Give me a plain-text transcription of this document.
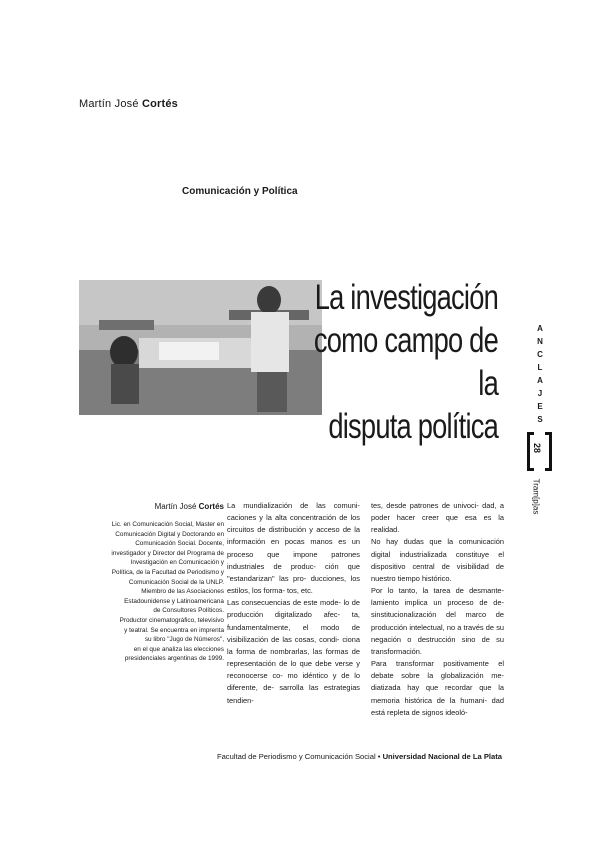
Martín José Cortés
Comunicación y Política
La investigación
como campo de la
disputa política
A
N
C
L
A
J
E
S
28
Tram[p]as
Martín José Cortés
Lic. en Comunicación Social, Master en
Comunicación Digital y Doctorando en
Comunicación Social. Docente,
investigador y Director del Programa de
Investigación en Comunicación y
Política, de la Facultad de Periodismo y
Comunicación Social de la UNLP.
Miembro de las Asociaciones
Estadounidense y Latinoamericana
de Consultores Políticos.
Productor cinematográfico, televisivo
y teatral. Se encuentra en imprenta
su libro "Jugo de Números",
en el que analiza las elecciones
presidenciales argentinas de 1999.

La mundialización de las comuni- caciones y la alta concentración de los circuitos de distribución y acceso de la información en pocas manos es un proceso que impone patrones industriales de produc- ción que "estandarizan" las pro- ducciones, los estilos, los forma- tos, etc.

Las consecuencias de este mode- lo de producción digitalizado afec- ta, fundamentalmente, el modo de visibilización de las cosas, condi- ciona la forma de nombrarlas, las formas de representación de lo que debe verse y reconocerse co- mo idéntico y de lo diferente, de- sarrolla las estrategias tendien-

tes, desde patrones de univoci- dad, a poder hacer creer que esa es la realidad.

No hay dudas que la comunicación digital industrializada constituye el dispositivo central de visibilidad de nuestro tiempo histórico.

Por lo tanto, la tarea de desmante- lamiento implica un proceso de de- sinstitucionalización del marco de producción intelectual, no a través de su negación o destrucción sino de su transformación.

Para transformar positivamente el debate sobre la globalización me- diatizada hay que recordar que la memoria histórica de la humani- dad está repleta de signos ideoló-

Facultad de Periodismo y Comunicación Social • Universidad Nacional de La Plata
